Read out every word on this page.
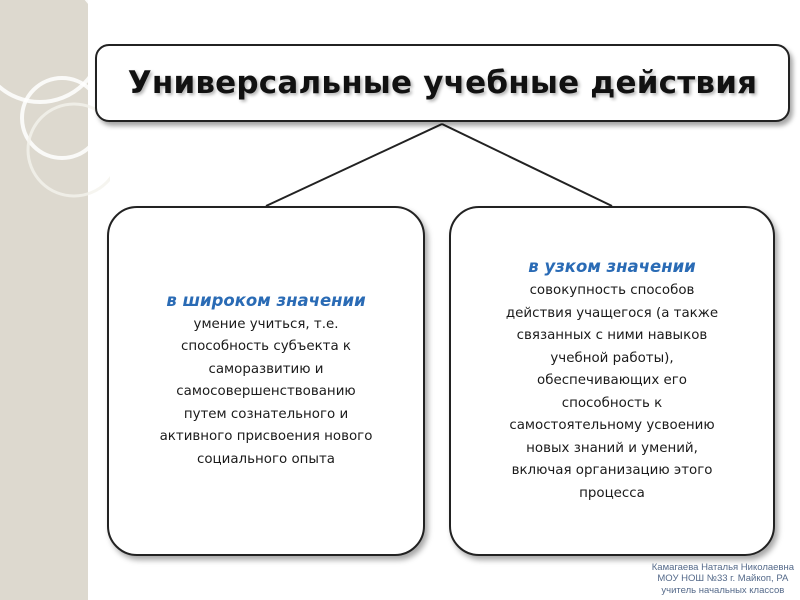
Универсальные учебные действия
в широком значении
умение учиться, т.е.
способность субъекта к
саморазвитию и
самосовершенствованию
путем сознательного и
активного присвоения нового
социального опыта
в узком значении
совокупность способов
действия учащегося (а также
связанных с ними навыков
учебной работы),
обеспечивающих его
способность к
самостоятельному усвоению
новых знаний и умений,
включая организацию этого
процесса
Камагаева Наталья Николаевна
МОУ НОШ №33 г. Майкоп, РА
учитель начальных классов
